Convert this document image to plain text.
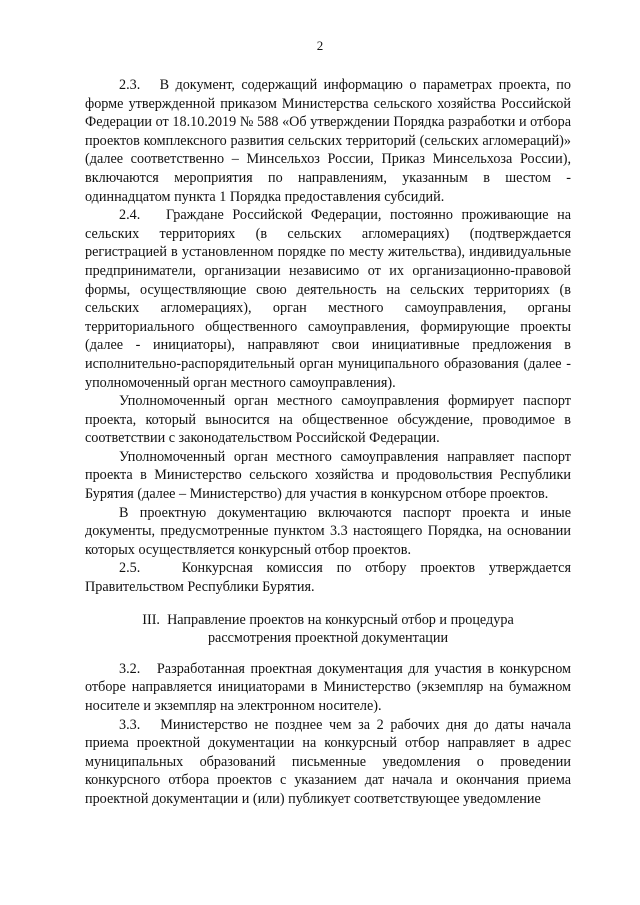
2

2.3.   В документ, содержащий информацию о параметрах проекта, по форме утвержденной приказом Министерства сельского хозяйства Российской Федерации от 18.10.2019 № 588 «Об утверждении Порядка разработки и отбора проектов комплексного развития сельских территорий (сельских агломераций)» (далее соответственно – Минсельхоз России, Приказ Минсельхоза России), включаются мероприятия по направлениям, указанным в шестом - одиннадцатом пункта 1 Порядка предоставления субсидий.

2.4.   Граждане Российской Федерации, постоянно проживающие на сельских территориях (в сельских агломерациях) (подтверждается регистрацией в установленном порядке по месту жительства), индивидуальные предприниматели, организации независимо от их организационно-правовой формы, осуществляющие свою деятельность на сельских территориях (в сельских агломерациях), орган местного самоуправления, органы территориального общественного самоуправления, формирующие проекты (далее - инициаторы), направляют свои инициативные предложения в исполнительно-распорядительный орган муниципального образования (далее - уполномоченный орган местного самоуправления).

Уполномоченный орган местного самоуправления формирует паспорт проекта, который выносится на общественное обсуждение, проводимое в соответствии с законодательством Российской Федерации.

Уполномоченный орган местного самоуправления направляет паспорт проекта в Министерство сельского хозяйства и продовольствия Республики Бурятия (далее – Министерство) для участия в конкурсном отборе проектов.

В проектную документацию включаются паспорт проекта и иные документы, предусмотренные пунктом 3.3 настоящего Порядка, на основании которых осуществляется конкурсный отбор проектов.

2.5.   Конкурсная комиссия по отбору проектов утверждается Правительством Республики Бурятия.

III.  Направление проектов на конкурсный отбор и процедура
рассмотрения проектной документации

3.2.   Разработанная проектная документация для участия в конкурсном отборе направляется инициаторами в Министерство (экземпляр на бумажном носителе и экземпляр на электронном носителе).

3.3.   Министерство не позднее чем за 2 рабочих дня до даты начала приема проектной документации на конкурсный отбор направляет в адрес муниципальных образований письменные уведомления о проведении конкурсного отбора проектов с указанием дат начала и окончания приема проектной документации и (или) публикует соответствующее уведомление
